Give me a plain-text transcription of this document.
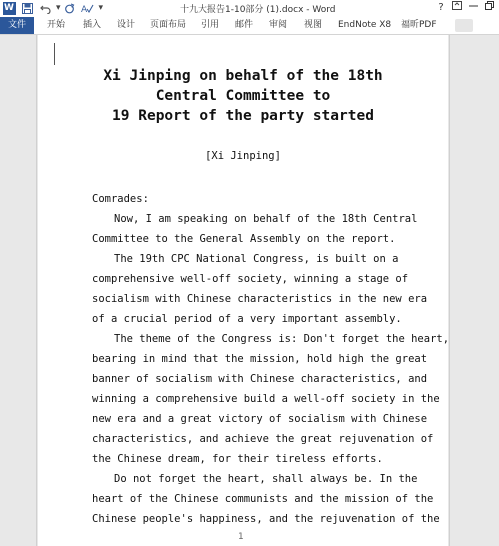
W	▾ A ▾	十九大报告1-10部分 (1).docx - Word	?
文件	开始 插入 设计 页面布局 引用 邮件 审阅 视图 EndNote X8 福昕PDF
Xi Jinping on behalf of the 18th
Central Committee to
19 Report of the party started
[Xi Jinping]
Comrades:
Now, I am speaking on behalf of the 18th Central
Committee to the General Assembly on the report.
The 19th CPC National Congress, is built on a
comprehensive well-off society, winning a stage of
socialism with Chinese characteristics in the new era
of a crucial period of a very important assembly.
The theme of the Congress is: Don't forget the heart,
bearing in mind that the mission, hold high the great
banner of socialism with Chinese characteristics, and
winning a comprehensive build a well-off society in the
new era and a great victory of socialism with Chinese
characteristics, and achieve the great rejuvenation of
the Chinese dream, for their tireless efforts.
Do not forget the heart, shall always be. In the
heart of the Chinese communists and the mission of the
Chinese people's happiness, and the rejuvenation of the
1
